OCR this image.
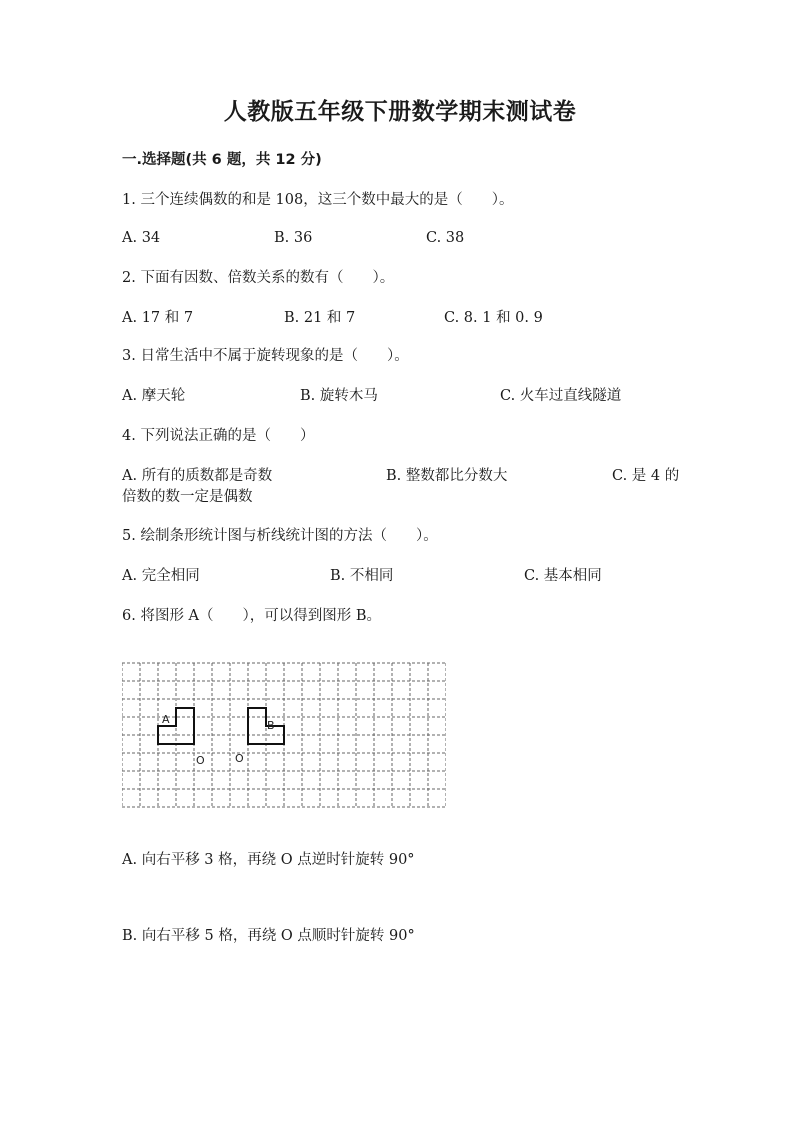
人教版五年级下册数学期末测试卷
一.选择题(共 6 题，共 12 分)
1. 三个连续偶数的和是 108，这三个数中最大的是（　　）。
A. 34	B. 36	C. 38
2. 下面有因数、倍数关系的数有（　　）。
A. 17 和 7	B. 21 和 7	C. 8. 1 和 0. 9
3. 日常生活中不属于旋转现象的是（　　）。
A. 摩天轮	B. 旋转木马	C. 火车过直线隧道
4. 下列说法正确的是（　　）
A. 所有的质数都是奇数	B. 整数都比分数大	C. 是 4 的
倍数的数一定是偶数
5. 绘制条形统计图与析线统计图的方法（　　）。
A. 完全相同	B. 不相同	C. 基本相同
6. 将图形 A（　　），可以得到图形 B。
A	B
O	O
A. 向右平移 3 格，再绕 O 点逆时针旋转 90°
B. 向右平移 5 格，再绕 O 点顺时针旋转 90°
